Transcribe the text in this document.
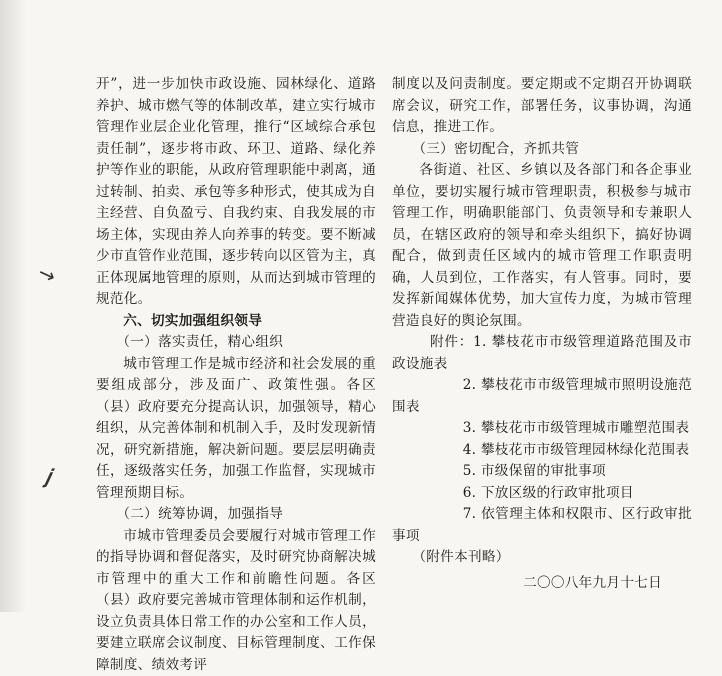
↘
𝒋

开”，进一步加快市政设施、园林绿化、道路养护、城市燃气等的体制改革，建立实行城市管理作业层企业化管理，推行“区域综合承包责任制”，逐步将市政、环卫、道路、绿化养护等作业的职能，从政府管理职能中剥离，通过转制、拍卖、承包等多种形式，使其成为自主经营、自负盈亏、自我约束、自我发展的市场主体，实现由养人向养事的转变。要不断减少市直管作业范围，逐步转向以区管为主，真正体现属地管理的原则，从而达到城市管理的规范化。

六、切实加强组织领导

（一）落实责任，精心组织

城市管理工作是城市经济和社会发展的重要组成部分，涉及面广、政策性强。各区（县）政府要充分提高认识，加强领导，精心组织，从完善体制和机制入手，及时发现新情况，研究新措施，解决新问题。要层层明确责任，逐级落实任务，加强工作监督，实现城市管理预期目标。

（二）统筹协调，加强指导

市城市管理委员会要履行对城市管理工作的指导协调和督促落实，及时研究协商解决城市管理中的重大工作和前瞻性问题。各区（县）政府要完善城市管理体制和运作机制，设立负责具体日常工作的办公室和工作人员，要建立联席会议制度、目标管理制度、工作保障制度、绩效考评

制度以及问责制度。要定期或不定期召开协调联席会议，研究工作，部署任务，议事协调，沟通信息，推进工作。

（三）密切配合，齐抓共管

各街道、社区、乡镇以及各部门和各企事业单位，要切实履行城市管理职责，积极参与城市管理工作，明确职能部门、负责领导和专兼职人员，在辖区政府的领导和牵头组织下，搞好协调配合，做到责任区域内的城市管理工作职责明确，人员到位，工作落实，有人管事。同时，要发挥新闻媒体优势，加大宣传力度，为城市管理营造良好的舆论氛围。

附件：1. 攀枝花市市级管理道路范围及市政设施表

2. 攀枝花市市级管理城市照明设施范围表

3. 攀枝花市市级管理城市雕塑范围表

4. 攀枝花市市级管理园林绿化范围表

5. 市级保留的审批事项

6. 下放区级的行政审批项目

7. 依管理主体和权限市、区行政审批事项

（附件本刊略）

二〇〇八年九月十七日
